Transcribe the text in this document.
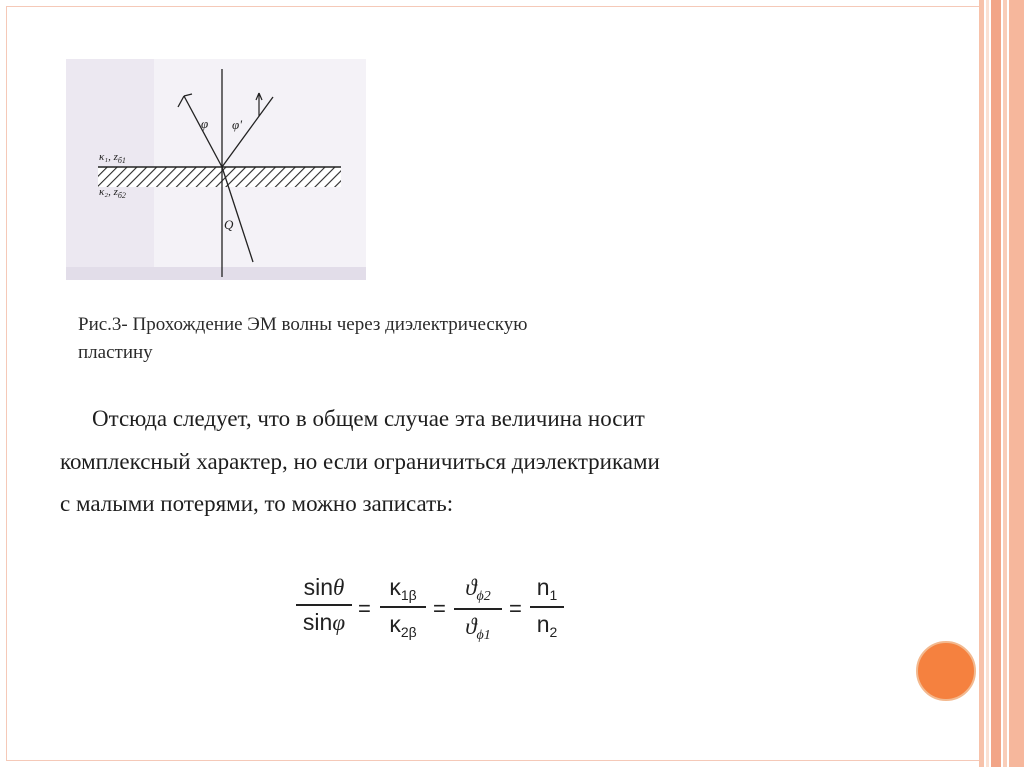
φ φ'
Q
κ₁, $z_{б1}$
κ₂, $z_{б2}$
Рис.3- Прохождение ЭМ волны через диэлектрическую
пластину
Отсюда следует, что в общем случае эта величина носит
комплексный характер, но если ограничиться диэлектриками
с малыми потерями, то можно записать:
sinθ
sinφ
=
$\kappa_{1\beta}$
$\kappa_{2\beta}$
=
$ϑ_{\phi 2}$
$ϑ_{\phi 1}$
=
$n_1$
$n_2$
